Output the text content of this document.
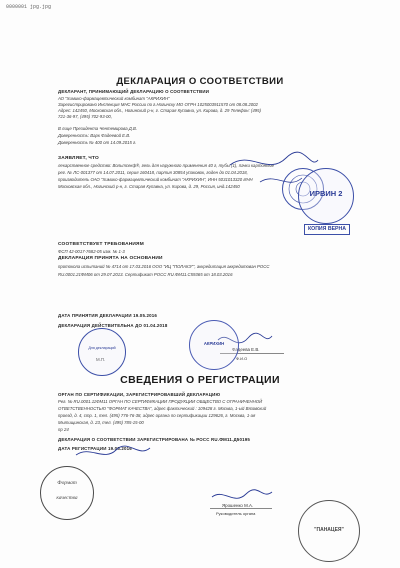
0000001 jpg.jpg
ДЕКЛАРАЦИЯ О СООТВЕТСТВИИ
ДЕКЛАРАНТ, ПРИНИМАЮЩИЙ ДЕКЛАРАЦИЮ О СООТВЕТСТВИИ
АО "Химико-фармацевтический комбинат "АКРИХИН"
Зарегистрировано Инспекция МНС России по г.Ногинску МО ОГРН 1025003911570 от 08.08.2002
Адрес: 142450, Московская обл., Ногинский р-н, г. Старая Купавна, ул. Кирова, д. 29 Телефон: (495)
721-36-97, (495) 702-93-00,
В лице Президента Чентемирова Д.В.
Доверенность: Варк Фадеевой Е.В.
Доверенность № 400 от 14.09.2015 г.
ЗАЯВЛЯЕТ, ЧТО
лекарственное средство: Вольтсекф®, гель для наружного применения 40 г, тубы (1), пачки картонные
рег. № ЛС-001377 от 14.07.2011, серия 160418, партия 30854 упаковок, годен до 01.04.2018,
производитель ОАО "Химико-фармацевтический комбинат "АКРИХИН", ИНН 5031013320 ИНН
Московская обл., Ногинский р-н, г. Старая Купавна, ул. Кирова, д. 29, Россия, инд.142450
СООТВЕТСТВУЕТ ТРЕБОВАНИЯМ
ФСП 42-0017-7682-05 изм. № 1-3
ДЕКЛАРАЦИЯ ПРИНЯТА НА ОСНОВАНИИ
протокола испытаний № 4714 от 17.03.2016 ООО "ИЦ "ПОЛАКЭ"", аккредитация аккредитован РОСС
RU.0001.21ФМ06 от 29.07.2013. Сертификат РОСС RU.ФМ11.С59365 от 18.03.2016
ДАТА ПРИНЯТИЯ ДЕКЛАРАЦИИ 19.05.2016
ДЕКЛАРАЦИЯ ДЕЙСТВИТЕЛЬНА ДО 01.04.2018
Фадеева Е.В.
Ф.И.О
М.П.
СВЕДЕНИЯ О РЕГИСТРАЦИИ
ОРГАН ПО СЕРТИФИКАЦИИ, ЗАРЕГИСТРИРОВАВШИЙ ДЕКЛАРАЦИЮ
Рег. № RU.0001.11ФМ11 ОРГАН ПО СЕРТИФИКАЦИИ ПРОДУКЦИИ ОБЩЕСТВО С ОГРАНИЧЕННОЙ
ОТВЕТСТВЕННОСТЬЮ "ФОРМАТ КАЧЕСТВА", адрес фактический : 109428 г. Москва, 1-ый Вязовский
проезд, д. 4, стр. 1, тел. (495) 776-76-38, адрес органа по сертификации 129626, г. Москва, 1-ая
Мытищинская, д. 23, тел. (495) 785-15-00
пр 24
ДЕКЛАРАЦИЯ О СООТВЕТСТВИИ ЗАРЕГИСТРИРОВАНА № РОСС RU.ФМ11.Д50195
ДАТА РЕГИСТРАЦИИ 19.05.2016
Ярошенко М.А.
Руководитель органа
ИРВИН 2
КОПИЯ ВЕРНА
Для деклараций
АКРИХИН
Формат
качества
"ПАНАЦЕЯ"
